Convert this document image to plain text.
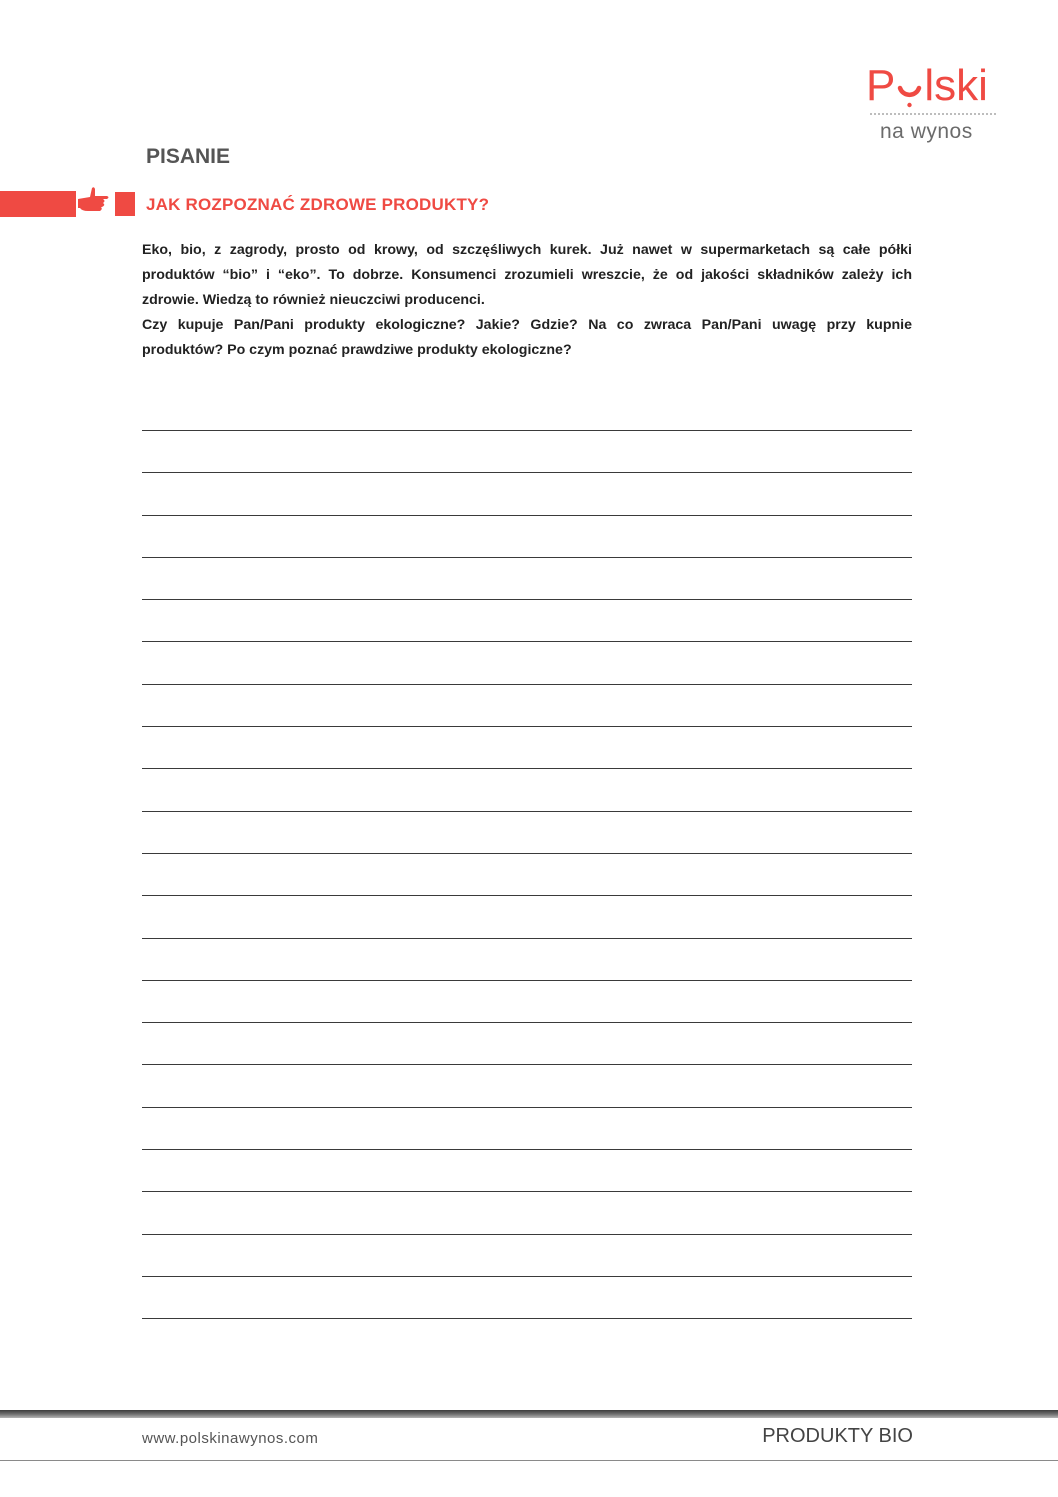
P lski
na wynos
PISANIE
JAK ROZPOZNAĆ ZDROWE PRODUKTY?

Eko, bio, z zagrody, prosto od krowy, od szczęśliwych kurek. Już nawet w supermarketach są całe półki produktów “bio” i “eko”. To dobrze. Konsumenci zrozumieli wreszcie, że od jakości składników zależy ich zdrowie. Wiedzą to również nieuczciwi producenci.

Czy kupuje Pan/Pani produkty ekologiczne? Jakie? Gdzie? Na co zwraca Pan/Pani uwagę przy kupnie produktów? Po czym poznać prawdziwe produkty ekologiczne?

www.polskinawynos.com	PRODUKTY BIO
